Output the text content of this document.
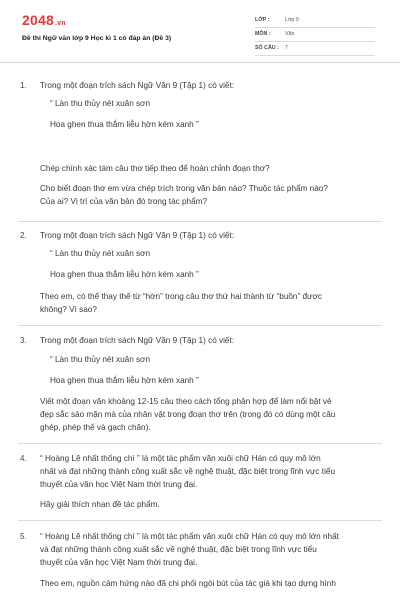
2048.vn
Đề thi Ngữ văn lớp 9 Học kì 1 có đáp án (Đề 3)
LỚP :	Lớp 9
MÔN :	Văn
SỐ CÂU : 7
1. Trong một đoạn trích sách Ngữ Văn 9 (Tập 1) có viết:
“ Làn thu thủy nét xuân sơn
Hoa ghen thua thắm liễu hờn kém xanh ”
Chép chính xác tám câu thơ tiếp theo để hoàn chỉnh đoạn thơ?
Cho biết đoạn thơ em vừa chép trích trong văn bản nào? Thuộc tác phẩm nào?
Của ai? Vị trí của văn bản đó trong tác phẩm?
2. Trong một đoạn trích sách Ngữ Văn 9 (Tập 1) có viết:
“ Làn thu thủy nét xuân sơn
Hoa ghen thua thắm liễu hờn kém xanh ”
Theo em, có thể thay thế từ “hờn” trong câu thơ thứ hai thành từ “buồn” được
không? Vì sao?
3. Trong một đoạn trích sách Ngữ Văn 9 (Tập 1) có viết:
“ Làn thu thủy nét xuân sơn
Hoa ghen thua thắm liễu hờn kém xanh ”
Viết một đoạn văn khoảng 12-15 câu theo cách tổng phân hợp để làm nổi bật vẻ
đẹp sắc sảo mặn mà của nhân vật trong đoạn thơ trên (trong đó có dùng một câu
ghép, phép thế và gạch chân).
4. “ Hoàng Lê nhất thống chí ” là một tác phẩm văn xuôi chữ Hán có quy mô lớn
nhất và đạt những thành công xuất sắc về nghệ thuật, đặc biệt trong lĩnh vực tiểu
thuyết của văn học Việt Nam thời trung đại.
Hãy giải thích nhan đề tác phẩm.
5. “ Hoàng Lê nhất thống chí ” là một tác phẩm văn xuôi chữ Hán có quy mô lớn nhất
và đạt những thành công xuất sắc về nghệ thuật, đặc biệt trong lĩnh vực tiểu
thuyết của văn học Việt Nam thời trung đại.
Theo em, nguồn cảm hứng nào đã chi phối ngòi bút của tác giả khi tạo dựng hình
